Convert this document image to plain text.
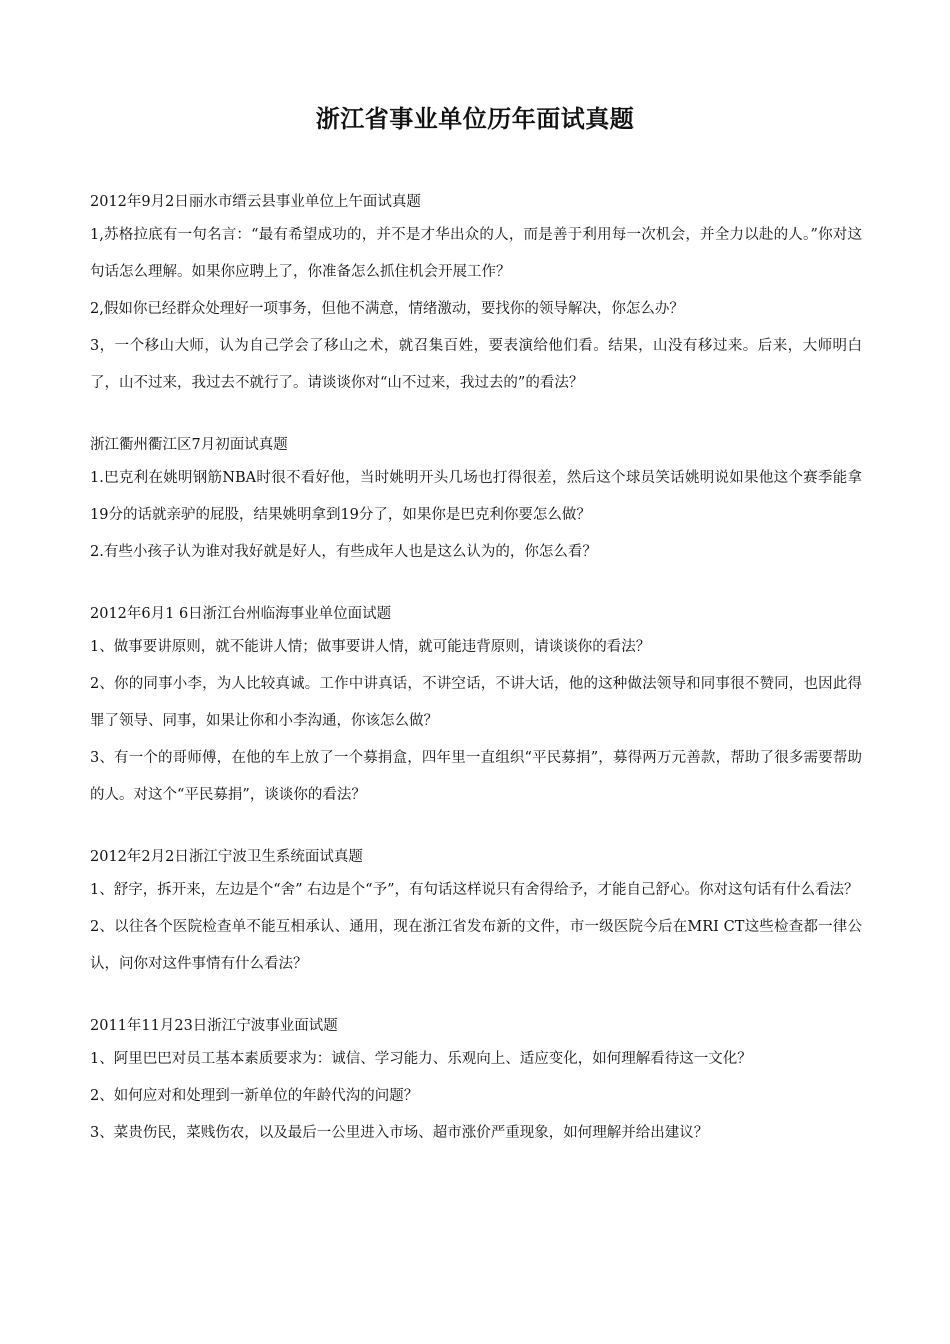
浙江省事业单位历年面试真题

2012年9月2日丽水市缙云县事业单位上午面试真题

1,苏格拉底有一句名言：“最有希望成功的，并不是才华出众的人，而是善于利用每一次机会，并全力以赴的人。”你对这句话怎么理解。如果你应聘上了，你准备怎么抓住机会开展工作？

2,假如你已经群众处理好一项事务，但他不满意，情绪激动，要找你的领导解决，你怎么办？

3，一个移山大师，认为自己学会了移山之术，就召集百姓，要表演给他们看。结果，山没有移过来。后来，大师明白了，山不过来，我过去不就行了。请谈谈你对“山不过来，我过去的”的看法？

浙江衢州衢江区7月初面试真题

1.巴克利在姚明钢筋NBA时很不看好他，当时姚明开头几场也打得很差，然后这个球员笑话姚明说如果他这个赛季能拿19分的话就亲驴的屁股，结果姚明拿到19分了，如果你是巴克利你要怎么做？

2.有些小孩子认为谁对我好就是好人，有些成年人也是这么认为的，你怎么看？

2012年6月1 6日浙江台州临海事业单位面试题

1、做事要讲原则，就不能讲人情；做事要讲人情，就可能违背原则，请谈谈你的看法？

2、你的同事小李，为人比较真诚。工作中讲真话，不讲空话，不讲大话，他的这种做法领导和同事很不赞同，也因此得罪了领导、同事，如果让你和小李沟通，你该怎么做？

3、有一个的哥师傅，在他的车上放了一个募捐盒，四年里一直组织“平民募捐”，募得两万元善款，帮助了很多需要帮助的人。对这个“平民募捐”，谈谈你的看法？

2012年2月2日浙江宁波卫生系统面试真题

1、舒字，拆开来，左边是个“舍” 右边是个“予”，有句话这样说只有舍得给予，才能自己舒心。你对这句话有什么看法？

2、以往各个医院检查单不能互相承认、通用，现在浙江省发布新的文件，市一级医院今后在MRI CT这些检查都一律公认，问你对这件事情有什么看法？

2011年11月23日浙江宁波事业面试题

1、阿里巴巴对员工基本素质要求为：诚信、学习能力、乐观向上、适应变化，如何理解看待这一文化？

2、如何应对和处理到一新单位的年龄代沟的问题？

3、菜贵伤民，菜贱伤农，以及最后一公里进入市场、超市涨价严重现象，如何理解并给出建议？
